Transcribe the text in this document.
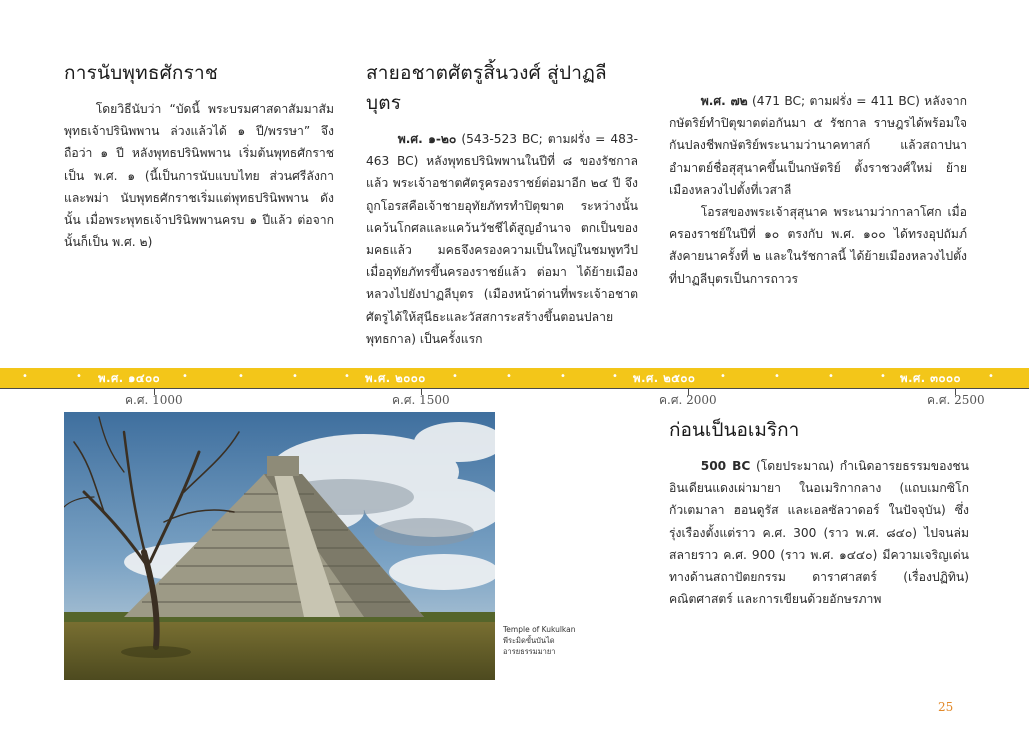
การนับพุทธศักราช

โดยวิธีนับว่า “บัดนี้ พระบรมศาสดาสัมมาสัมพุทธเจ้าปรินิพพาน ล่วงแล้วได้ ๑ ปี/พรรษา” จึงถือว่า ๑ ปี หลังพุทธปรินิพพาน เริ่มต้นพุทธศักราช เป็น พ.ศ. ๑ (นี้เป็นการนับแบบไทย ส่วนศรีลังกา และพม่า นับพุทธศักราชเริ่มแต่พุทธปรินิพพาน ดังนั้น เมื่อพระพุทธเจ้าปรินิพพานครบ ๑ ปีแล้ว ต่อจากนั้นก็เป็น พ.ศ. ๒)

สายอชาตศัตรูสิ้นวงศ์ สู่ปาฏลีบุตร

พ.ศ. ๑-๒๐ (543-523 BC; ตามฝรั่ง = 483-463 BC) หลังพุทธปรินิพพานในปีที่ ๘ ของรัชกาลแล้ว พระเจ้าอชาตศัตรูครองราชย์ต่อมาอีก ๒๔ ปี จึงถูกโอรสคือเจ้าชายอุทัยภัทรทำปิตุฆาต ระหว่างนั้นแคว้นโกศลและแคว้นวัชชีได้สูญอำนาจ ตกเป็นของมคธแล้ว มคธจึงครองความเป็นใหญ่ในชมพูทวีป เมื่ออุทัยภัทรขึ้นครองราชย์แล้ว ต่อมา ได้ย้ายเมืองหลวงไปยังปาฏลีบุตร (เมืองหน้าด่านที่พระเจ้าอชาตศัตรูได้ให้สุนีธะและวัสสการะสร้างขึ้นตอนปลายพุทธกาล) เป็นครั้งแรก

พ.ศ. ๗๒ (471 BC; ตามฝรั่ง = 411 BC) หลังจากกษัตริย์ทำปิตุฆาตต่อกันมา ๕ รัชกาล ราษฎรได้พร้อมใจกันปลงชีพกษัตริย์พระนามว่านาคทาสก์ แล้วสถาปนาอำมาตย์ชื่อสุสุนาคขึ้นเป็นกษัตริย์ ตั้งราชวงศ์ใหม่ ย้ายเมืองหลวงไปตั้งที่เวสาลี

โอรสของพระเจ้าสุสุนาค พระนามว่ากาลาโศก เมื่อครองราชย์ในปีที่ ๑๐ ตรงกับ พ.ศ. ๑๐๐ ได้ทรงอุปถัมภ์สังคายนาครั้งที่ ๒ และในรัชกาลนี้ ได้ย้ายเมืองหลวงไปตั้งที่ปาฏลีบุตรเป็นการถาวร

•	•	•	•	•	•	•	•	•	•	•	•	•	•	•
พ.ศ. ๑๔๐๐	พ.ศ. ๒๐๐๐	พ.ศ. ๒๕๐๐	พ.ศ. ๓๐๐๐
ค.ศ. 1000	ค.ศ. 1500	ค.ศ. 2000	ค.ศ. 2500
Temple of Kukulkan
พีระมิดขั้นบันได
อารยธรรมมายา
ก่อนเป็นอเมริกา

500 BC (โดยประมาณ) กำเนิดอารยธรรมของชนอินเดียนแดงเผ่ามายา ในอเมริกากลาง (แถบเมกซิโก กัวเตมาลา ฮอนดูรัส และเอลซัลวาดอร์ ในปัจจุบัน) ซึ่งรุ่งเรืองตั้งแต่ราว ค.ศ. 300 (ราว พ.ศ. ๘๔๐) ไปจนล่มสลายราว ค.ศ. 900 (ราว พ.ศ. ๑๔๔๐) มีความเจริญเด่นทางด้านสถาปัตยกรรม ดาราศาสตร์ (เรื่องปฏิทิน) คณิตศาสตร์ และการเขียนด้วยอักษรภาพ

25
